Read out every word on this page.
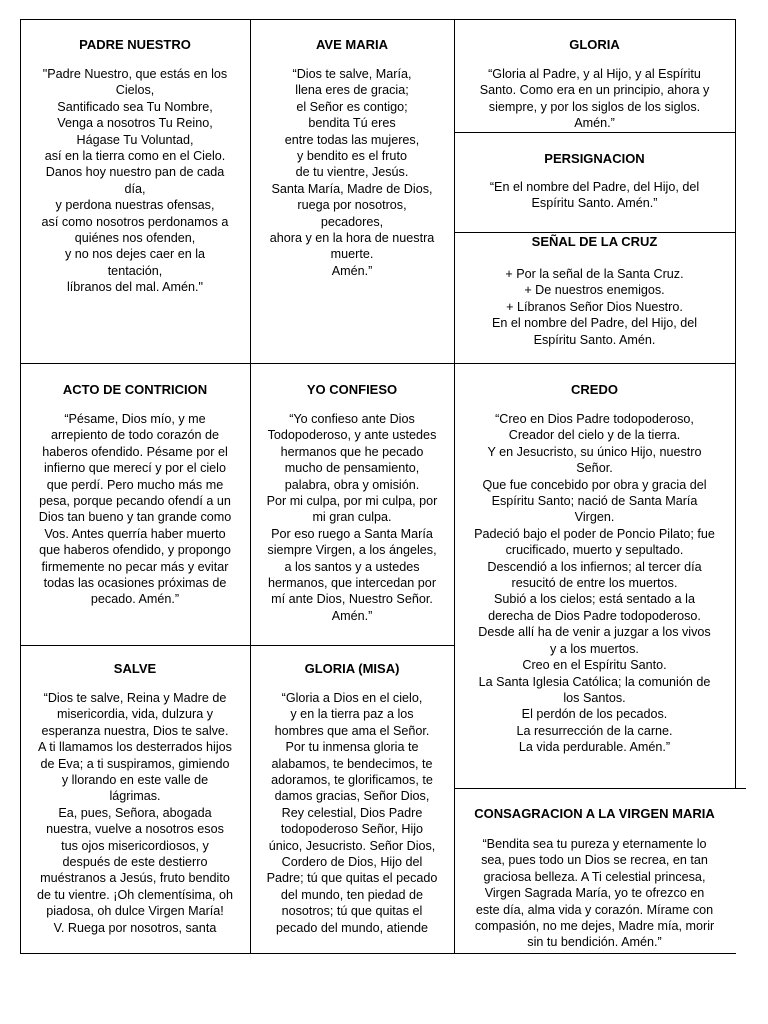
PADRE NUESTRO

"Padre Nuestro, que estás en los
Cielos,
Santificado sea Tu Nombre,
Venga a nosotros Tu Reino,
Hágase Tu Voluntad,
así en la tierra como en el Cielo.
Danos hoy nuestro pan de cada
día,
y perdona nuestras ofensas,
así como nosotros perdonamos a
quiénes nos ofenden,
y no nos dejes caer en la
tentación,
líbranos del mal. Amén."

AVE MARIA

“Dios te salve, María,
llena eres de gracia;
el Señor es contigo;
bendita Tú eres
entre todas las mujeres,
y bendito es el fruto
de tu vientre, Jesús.
Santa María, Madre de Dios,
ruega por nosotros,
pecadores,
ahora y en la hora de nuestra
muerte.
Amén.”

GLORIA

“Gloria al Padre, y al Hijo, y al Espíritu
Santo. Como era en un principio, ahora y
siempre, y por los siglos de los siglos.
Amén.”

PERSIGNACION

“En el nombre del Padre, del Hijo, del
Espíritu Santo. Amén.”

SEÑAL DE LA CRUZ

+ Por la señal de la Santa Cruz.
+ De nuestros enemigos.
+ Líbranos Señor Dios Nuestro.
En el nombre del Padre, del Hijo, del
Espíritu Santo. Amén.

ACTO DE CONTRICION

“Pésame, Dios mío, y me
arrepiento de todo corazón de
haberos ofendido. Pésame por el
infierno que merecí y por el cielo
que perdí. Pero mucho más me
pesa, porque pecando ofendí a un
Dios tan bueno y tan grande como
Vos. Antes querría haber muerto
que haberos ofendido, y propongo
firmemente no pecar más y evitar
todas las ocasiones próximas de
pecado. Amén.”

YO CONFIESO

“Yo confieso ante Dios
Todopoderoso, y ante ustedes
hermanos que he pecado
mucho de pensamiento,
palabra, obra y omisión.
Por mi culpa, por mi culpa, por
mi gran culpa.
Por eso ruego a Santa María
siempre Virgen, a los ángeles,
a los santos y a ustedes
hermanos, que intercedan por
mí ante Dios, Nuestro Señor.
Amén.”

CREDO

“Creo en Dios Padre todopoderoso,
Creador del cielo y de la tierra.
Y en Jesucristo, su único Hijo, nuestro
Señor.
Que fue concebido por obra y gracia del
Espíritu Santo; nació de Santa María
Virgen.
Padeció bajo el poder de Poncio Pilato; fue
crucificado, muerto y sepultado.
Descendió a los infiernos; al tercer día
resucitó de entre los muertos.
Subió a los cielos; está sentado a la
derecha de Dios Padre todopoderoso.
Desde allí ha de venir a juzgar a los vivos
y a los muertos.
Creo en el Espíritu Santo.
La Santa Iglesia Católica; la comunión de
los Santos.
El perdón de los pecados.
La resurrección de la carne.
La vida perdurable. Amén.”

SALVE

“Dios te salve, Reina y Madre de
misericordia, vida, dulzura y
esperanza nuestra, Dios te salve.
A ti llamamos los desterrados hijos
de Eva; a ti suspiramos, gimiendo
y llorando en este valle de
lágrimas.
Ea, pues, Señora, abogada
nuestra, vuelve a nosotros esos
tus ojos misericordiosos, y
después de este destierro
muéstranos a Jesús, fruto bendito
de tu vientre. ¡Oh clementísima, oh
piadosa, oh dulce Virgen María!
V. Ruega por nosotros, santa

GLORIA (MISA)

“Gloria a Dios en el cielo,
y en la tierra paz a los
hombres que ama el Señor.
Por tu inmensa gloria te
alabamos, te bendecimos, te
adoramos, te glorificamos, te
damos gracias, Señor Dios,
Rey celestial, Dios Padre
todopoderoso Señor, Hijo
único, Jesucristo. Señor Dios,
Cordero de Dios, Hijo del
Padre; tú que quitas el pecado
del mundo, ten piedad de
nosotros; tú que quitas el
pecado del mundo, atiende

CONSAGRACION A LA VIRGEN MARIA

“Bendita sea tu pureza y eternamente lo
sea, pues todo un Dios se recrea, en tan
graciosa belleza. A Ti celestial princesa,
Virgen Sagrada María, yo te ofrezco en
este día, alma vida y corazón. Mírame con
compasión, no me dejes, Madre mía, morir
sin tu bendición. Amén.”
